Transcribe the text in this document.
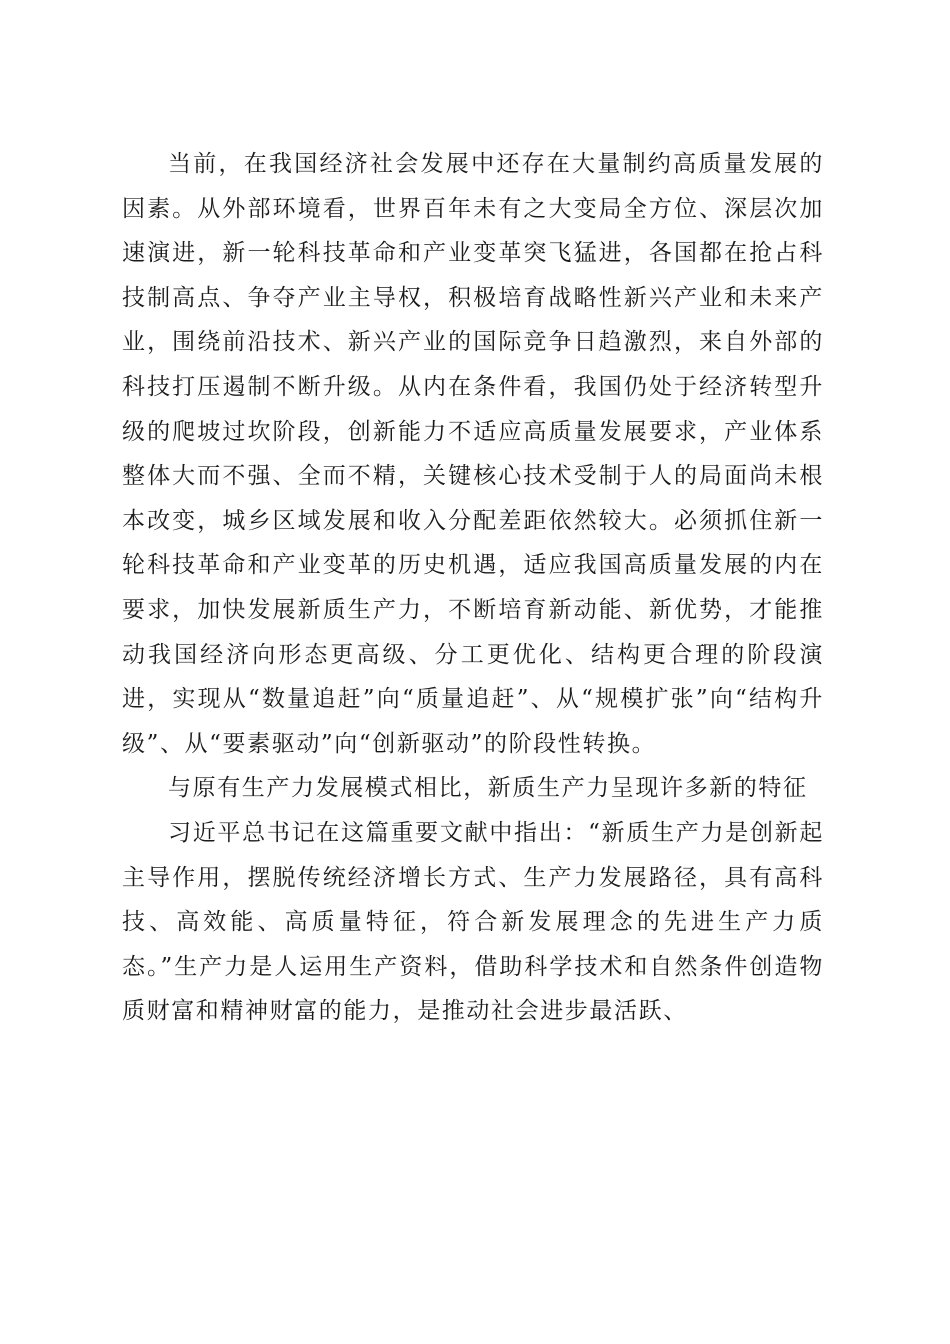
当前，在我国经济社会发展中还存在大量制约高质量发展的因素。从外部环境看，世界百年未有之大变局全方位、深层次加速演进，新一轮科技革命和产业变革突飞猛进，各国都在抢占科技制高点、争夺产业主导权，积极培育战略性新兴产业和未来产业，围绕前沿技术、新兴产业的国际竞争日趋激烈，来自外部的科技打压遏制不断升级。从内在条件看，我国仍处于经济转型升级的爬坡过坎阶段，创新能力不适应高质量发展要求，产业体系整体大而不强、全而不精，关键核心技术受制于人的局面尚未根本改变，城乡区域发展和收入分配差距依然较大。必须抓住新一轮科技革命和产业变革的历史机遇，适应我国高质量发展的内在要求，加快发展新质生产力，不断培育新动能、新优势，才能推动我国经济向形态更高级、分工更优化、结构更合理的阶段演进，实现从“数量追赶”向“质量追赶”、从“规模扩张”向“结构升级”、从“要素驱动”向“创新驱动”的阶段性转换。

与原有生产力发展模式相比，新质生产力呈现许多新的特征

习近平总书记在这篇重要文献中指出：“新质生产力是创新起主导作用，摆脱传统经济增长方式、生产力发展路径，具有高科技、高效能、高质量特征，符合新发展理念的先进生产力质态。”生产力是人运用生产资料，借助科学技术和自然条件创造物质财富和精神财富的能力，是推动社会进步最活跃、
